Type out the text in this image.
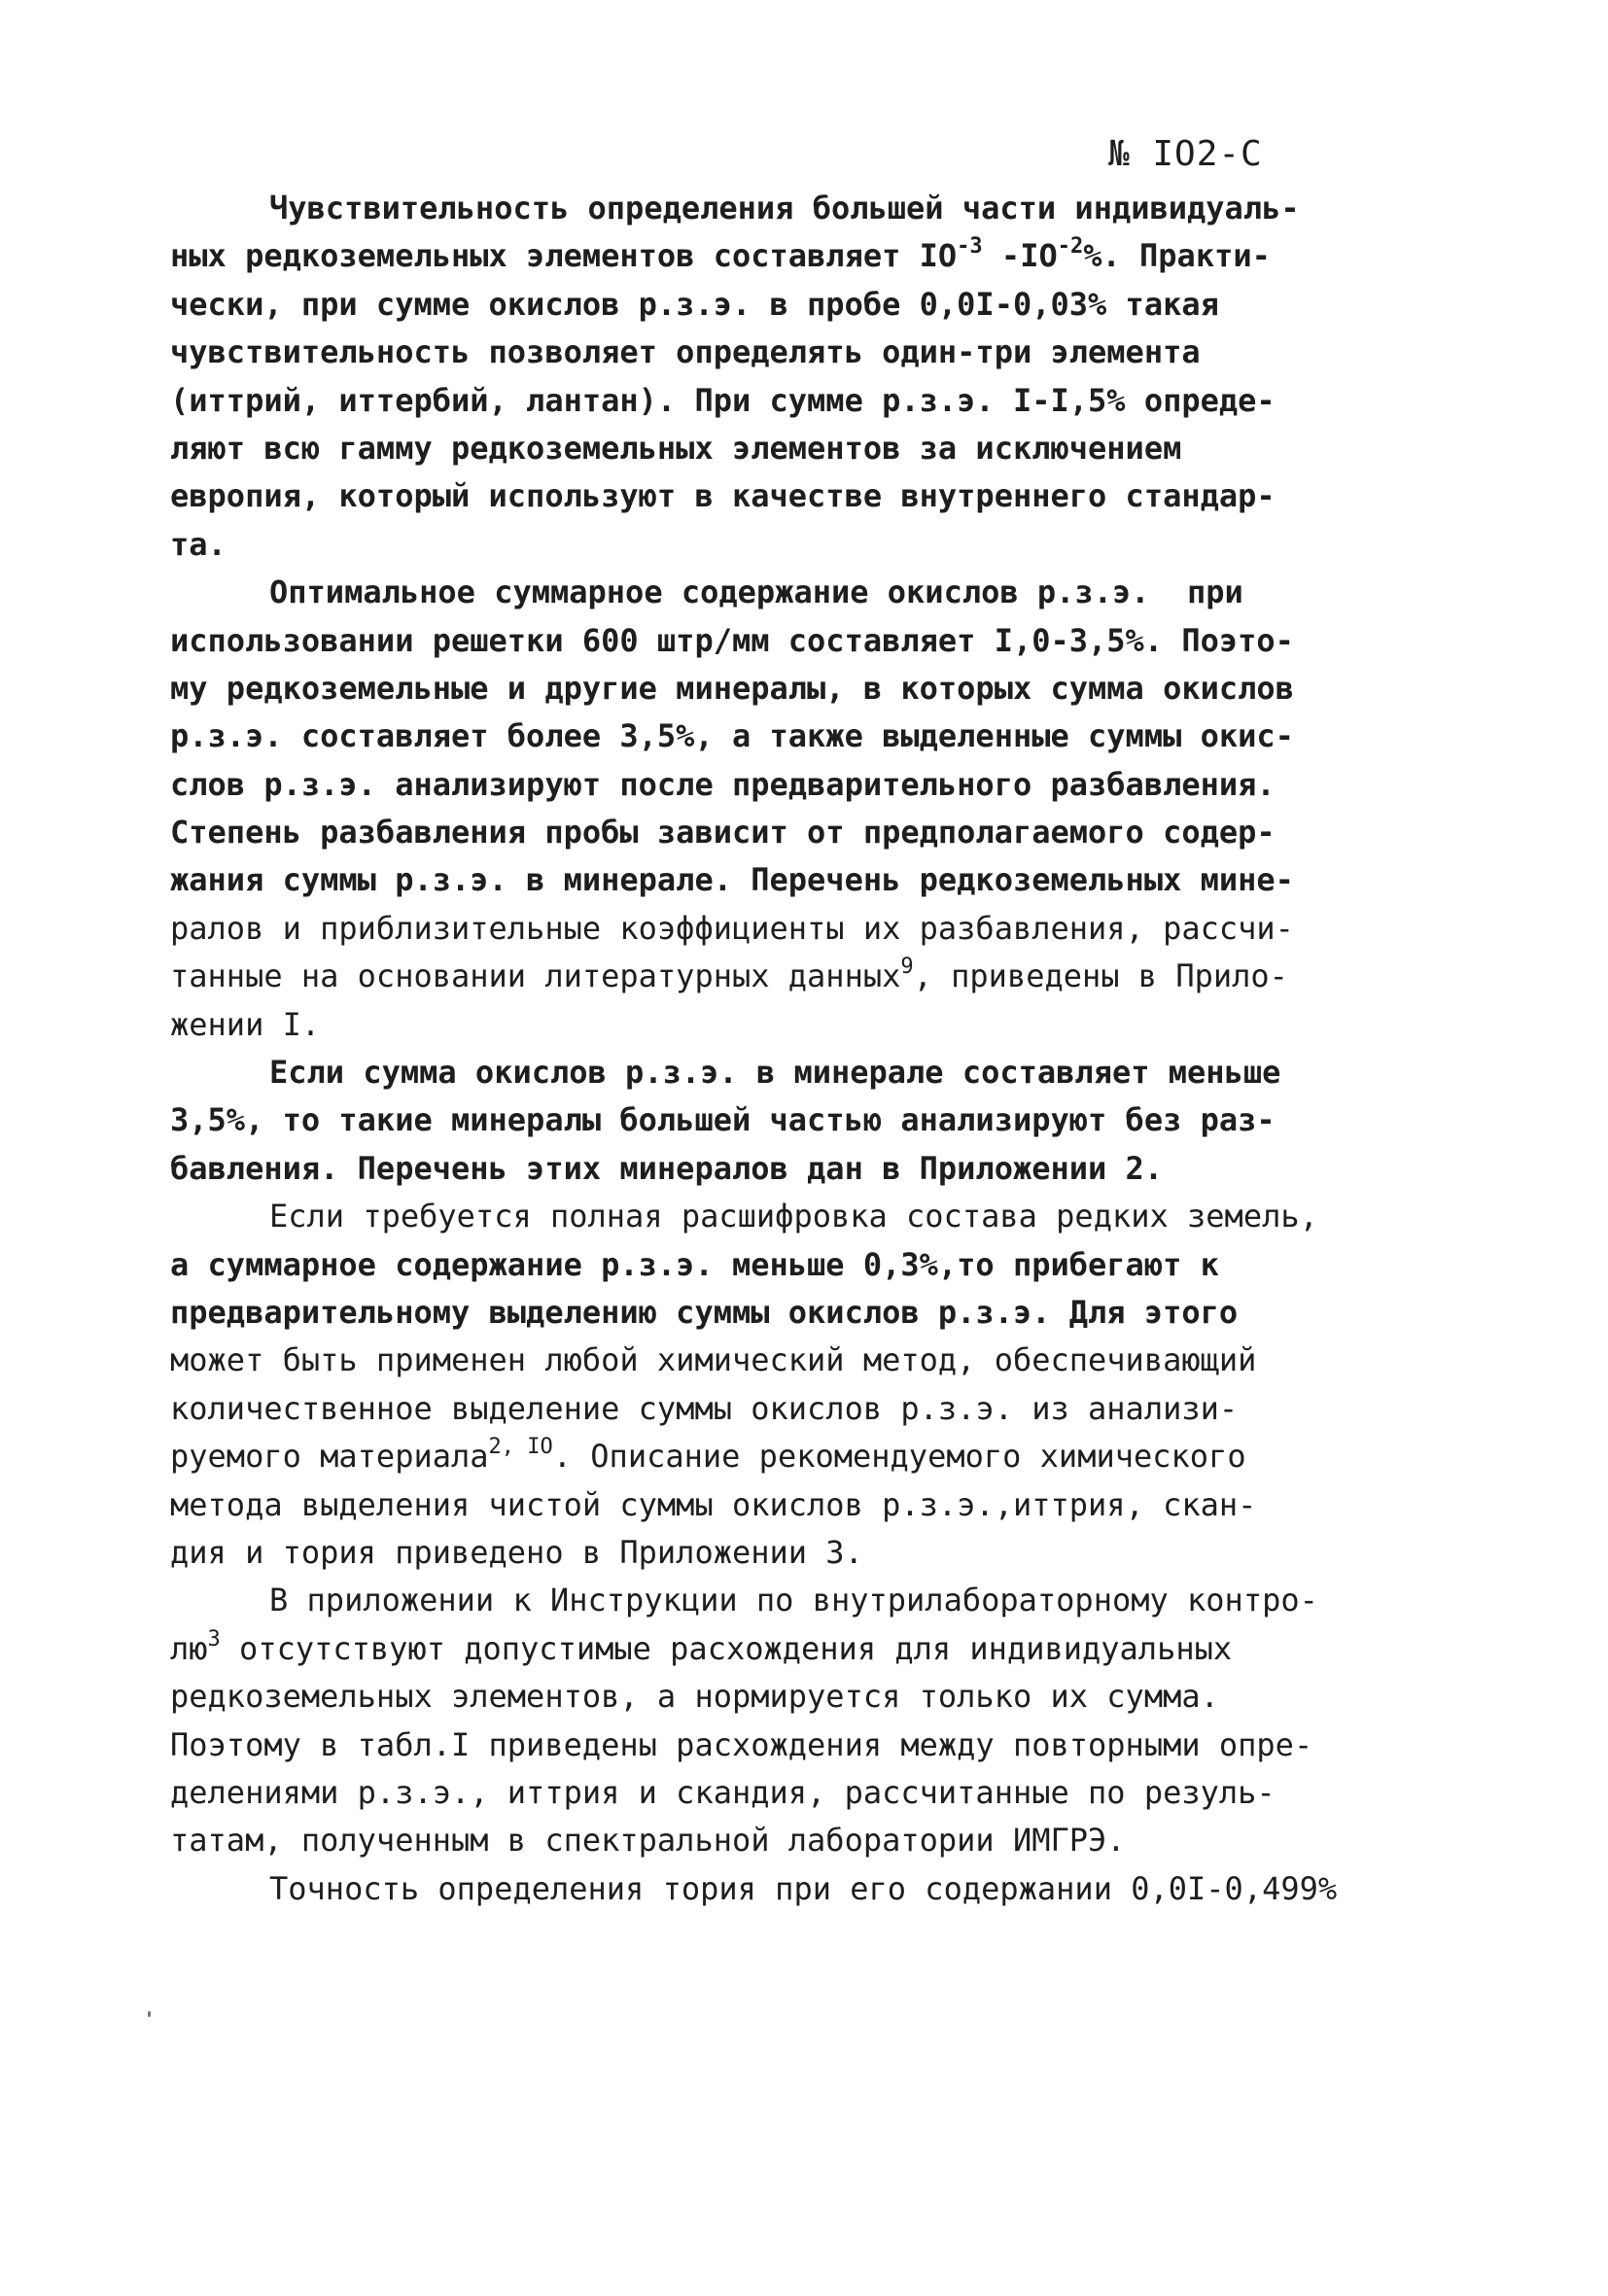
№ IO2-С
Чувствительность определения большей части индивидуаль-
ных редкоземельных элементов составляет $IO^{-3}$ $-IO^{-2}\%$. Практи-
чески, при сумме окислов р.з.э. в пробе 0,0I-0,03% такая
чувствительность позволяет определять один-три элемента
(иттрий, иттербий, лантан). При сумме р.з.э. I-I,5% опреде-
ляют всю гамму редкоземельных элементов за исключением
европия, который используют в качестве внутреннего стандар-
та.
Оптимальное суммарное содержание окислов р.з.э.  при
использовании решетки 600 штр/мм составляет I,0-3,5%. Поэто-
му редкоземельные и другие минералы, в которых сумма окислов
р.з.э. составляет более 3,5%, а также выделенные суммы окис-
слов р.з.э. анализируют после предварительного разбавления.
Степень разбавления пробы зависит от предполагаемого содер-
жания суммы р.з.э. в минерале. Перечень редкоземельных мине-
ралов и приблизительные коэффициенты их разбавления, рассчи-
танные на основании литературных данных$^9$, приведены в Прило-
жении I.
Если сумма окислов р.з.э. в минерале составляет меньше
3,5%, то такие минералы большей частью анализируют без раз-
бавления. Перечень этих минералов дан в Приложении 2.
Если требуется полная расшифровка состава редких земель,
а суммарное содержание р.з.э. меньше 0,3%,то прибегают к
предварительному выделению суммы окислов р.з.э. Для этого
может быть применен любой химический метод, обеспечивающий
количественное выделение суммы окислов р.з.э. из анализи-
руемого материала$^{2, IO}$. Описание рекомендуемого химического
метода выделения чистой суммы окислов р.з.э.,иттрия, скан-
дия и тория приведено в Приложении 3.
В приложении к Инструкции по внутрилабораторному контро-
$лю^3$ отсутствуют допустимые расхождения для индивидуальных
редкоземельных элементов, а нормируется только их сумма.
Поэтому в табл.I приведены расхождения между повторными опре-
делениями р.з.э., иттрия и скандия, рассчитанные по резуль-
татам, полученным в спектральной лаборатории ИМГРЭ.
Точность определения тория при его содержании 0,0I-0,499%
